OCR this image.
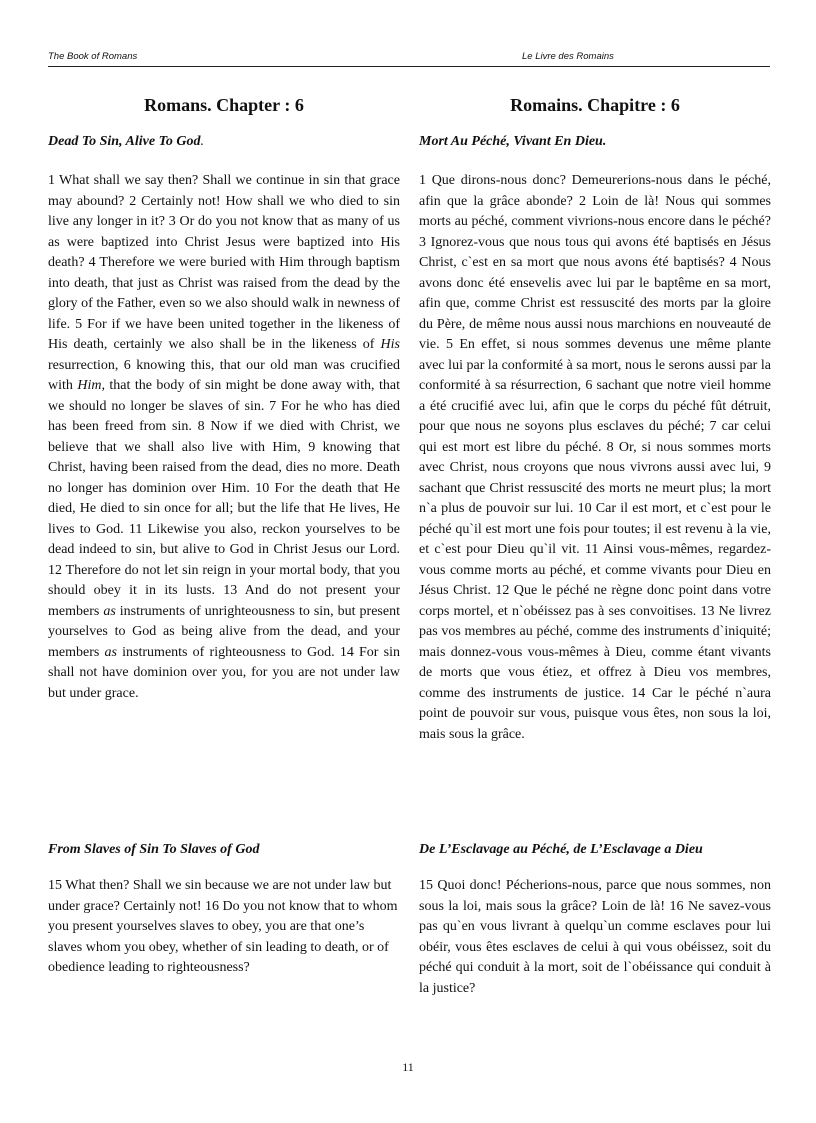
The Book of Romans	Le Livre des Romains
Romans. Chapter : 6

Dead To Sin, Alive To God.

1 What shall we say then? Shall we continue in sin that grace may abound? 2 Certainly not! How shall we who died to sin live any longer in it? 3 Or do you not know that as many of us as were baptized into Christ Jesus were baptized into His death? 4 Therefore we were buried with Him through baptism into death, that just as Christ was raised from the dead by the glory of the Father, even so we also should walk in newness of life. 5 For if we have been united together in the likeness of His death, certainly we also shall be in the likeness of His resurrection, 6 knowing this, that our old man was crucified with Him, that the body of sin might be done away with, that we should no longer be slaves of sin. 7 For he who has died has been freed from sin. 8 Now if we died with Christ, we believe that we shall also live with Him, 9 knowing that Christ, having been raised from the dead, dies no more. Death no longer has dominion over Him. 10 For the death that He died, He died to sin once for all; but the life that He lives, He lives to God. 11 Likewise you also, reckon yourselves to be dead indeed to sin, but alive to God in Christ Jesus our Lord. 12 Therefore do not let sin reign in your mortal body, that you should obey it in its lusts. 13 And do not present your members as instruments of unrighteousness to sin, but present yourselves to God as being alive from the dead, and your members as instruments of righteousness to God. 14 For sin shall not have dominion over you, for you are not under law but under grace.

Romains. Chapitre : 6

Mort Au Péché, Vivant En Dieu.

1 Que dirons-nous donc? Demeurerions-nous dans le péché, afin que la grâce abonde? 2 Loin de là! Nous qui sommes morts au péché, comment vivrions-nous encore dans le péché? 3 Ignorez-vous que nous tous qui avons été baptisés en Jésus Christ, c`est en sa mort que nous avons été baptisés? 4 Nous avons donc été ensevelis avec lui par le baptême en sa mort, afin que, comme Christ est ressuscité des morts par la gloire du Père, de même nous aussi nous marchions en nouveauté de vie. 5 En effet, si nous sommes devenus une même plante avec lui par la conformité à sa mort, nous le serons aussi par la conformité à sa résurrection, 6 sachant que notre vieil homme a été crucifié avec lui, afin que le corps du péché fût détruit, pour que nous ne soyons plus esclaves du péché; 7 car celui qui est mort est libre du péché. 8 Or, si nous sommes morts avec Christ, nous croyons que nous vivrons aussi avec lui, 9 sachant que Christ ressuscité des morts ne meurt plus; la mort n`a plus de pouvoir sur lui. 10 Car il est mort, et c`est pour le péché qu`il est mort une fois pour toutes; il est revenu à la vie, et c`est pour Dieu qu`il vit. 11 Ainsi vous-mêmes, regardez-vous comme morts au péché, et comme vivants pour Dieu en Jésus Christ. 12 Que le péché ne règne donc point dans votre corps mortel, et n`obéissez pas à ses convoitises. 13 Ne livrez pas vos membres au péché, comme des instruments d`iniquité; mais donnez-vous vous-mêmes à Dieu, comme étant vivants de morts que vous étiez, et offrez à Dieu vos membres, comme des instruments de justice. 14 Car le péché n`aura point de pouvoir sur vous, puisque vous êtes, non sous la loi, mais sous la grâce.

From Slaves of Sin To Slaves of God

15 What then? Shall we sin because we are not under law but under grace? Certainly not! 16 Do you not know that to whom you present yourselves slaves to obey, you are that one’s slaves whom you obey, whether of sin leading to death, or of obedience leading to righteousness?

De L’Esclavage au Péché, de L’Esclavage a Dieu

15 Quoi donc! Pécherions-nous, parce que nous sommes, non sous la loi, mais sous la grâce? Loin de là! 16 Ne savez-vous pas qu`en vous livrant à quelqu`un comme esclaves pour lui obéir, vous êtes esclaves de celui à qui vous obéissez, soit du péché qui conduit à la mort, soit de l`obéissance qui conduit à la justice?

11
